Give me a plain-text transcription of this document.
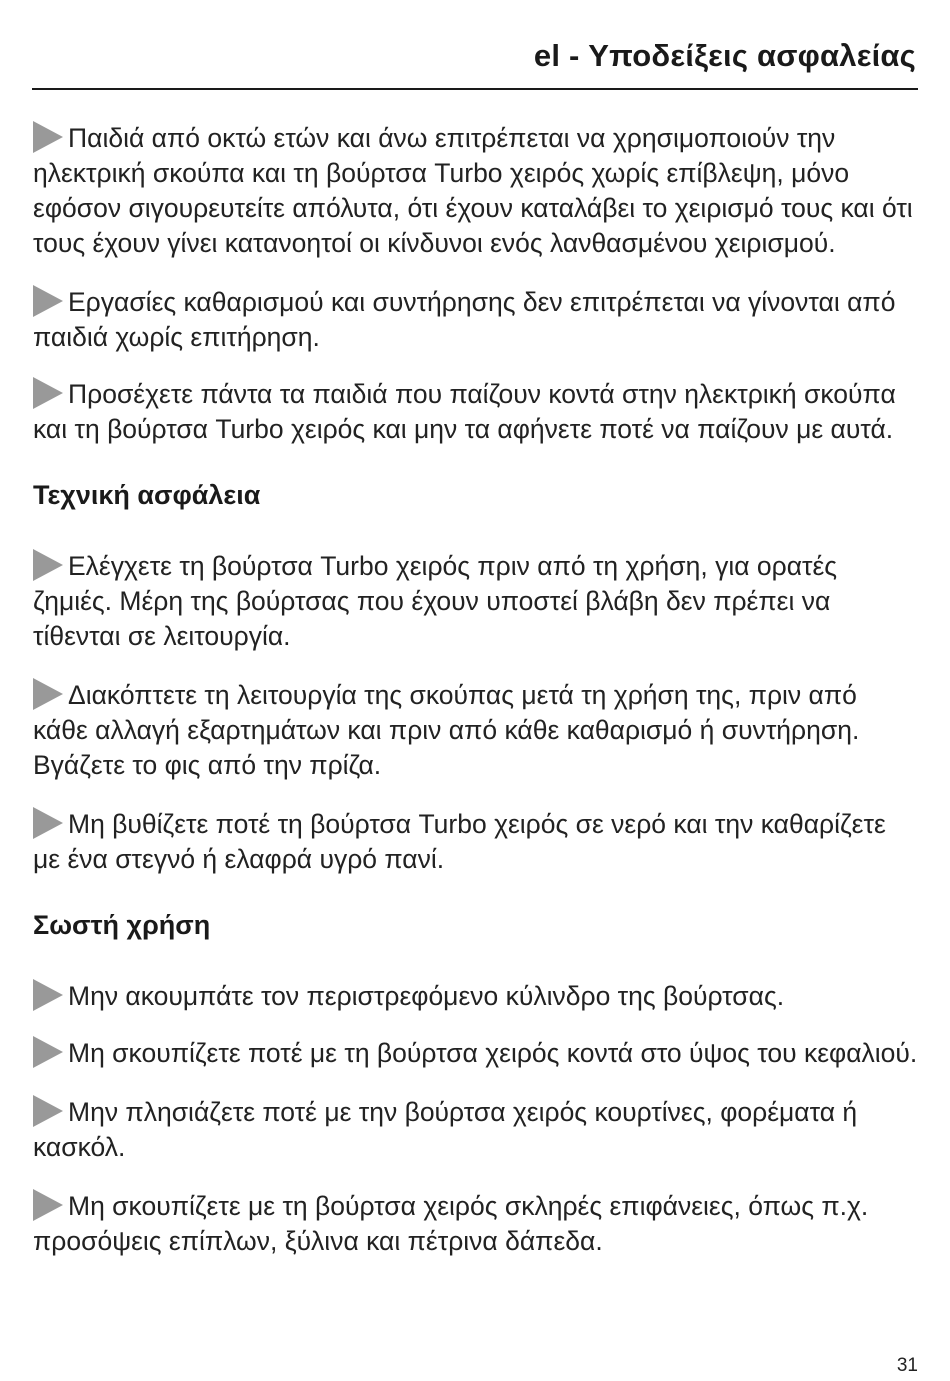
el - Υποδείξεις ασφαλείας

Παιδιά από οκτώ ετών και άνω επιτρέπεται να χρησιμοποιούν την ηλεκτρική σκούπα και τη βούρτσα Turbo χειρός χωρίς επίβλεψη, μόνο εφόσον σιγουρευτείτε απόλυτα, ότι έχουν καταλάβει το χειρισμό τους και ότι τους έχουν γίνει κατανοητοί οι κίνδυνοι ενός λανθασμένου χειρισμού.

Εργασίες καθαρισμού και συντήρησης δεν επιτρέπεται να γίνονται από παιδιά χωρίς επιτήρηση.

Προσέχετε πάντα τα παιδιά που παίζουν κοντά στην ηλεκτρική σκούπα και τη βούρτσα Turbo χειρός και μην τα αφήνετε ποτέ να παίζουν με αυτά.

Τεχνική ασφάλεια

Ελέγχετε τη βούρτσα Turbo χειρός πριν από τη χρήση, για ορατές ζημιές. Μέρη της βούρτσας που έχουν υποστεί βλάβη δεν πρέπει να τίθενται σε λειτουργία.

Διακόπτετε τη λειτουργία της σκούπας μετά τη χρήση της, πριν από κάθε αλλαγή εξαρτημάτων και πριν από κάθε καθαρισμό ή συντήρηση. Βγάζετε το φις από την πρίζα.

Μη βυθίζετε ποτέ τη βούρτσα Turbo χειρός σε νερό και την καθαρίζετε με ένα στεγνό ή ελαφρά υγρό πανί.

Σωστή χρήση

Μην ακουμπάτε τον περιστρεφόμενο κύλινδρο της βούρτσας.

Μη σκουπίζετε ποτέ με τη βούρτσα χειρός κοντά στο ύψος του κεφαλιού.

Μην πλησιάζετε ποτέ με την βούρτσα χειρός κουρτίνες, φορέματα ή κασκόλ.

Μη σκουπίζετε με τη βούρτσα χειρός σκληρές επιφάνειες, όπως π.χ. προσόψεις επίπλων, ξύλινα και πέτρινα δάπεδα.

31
